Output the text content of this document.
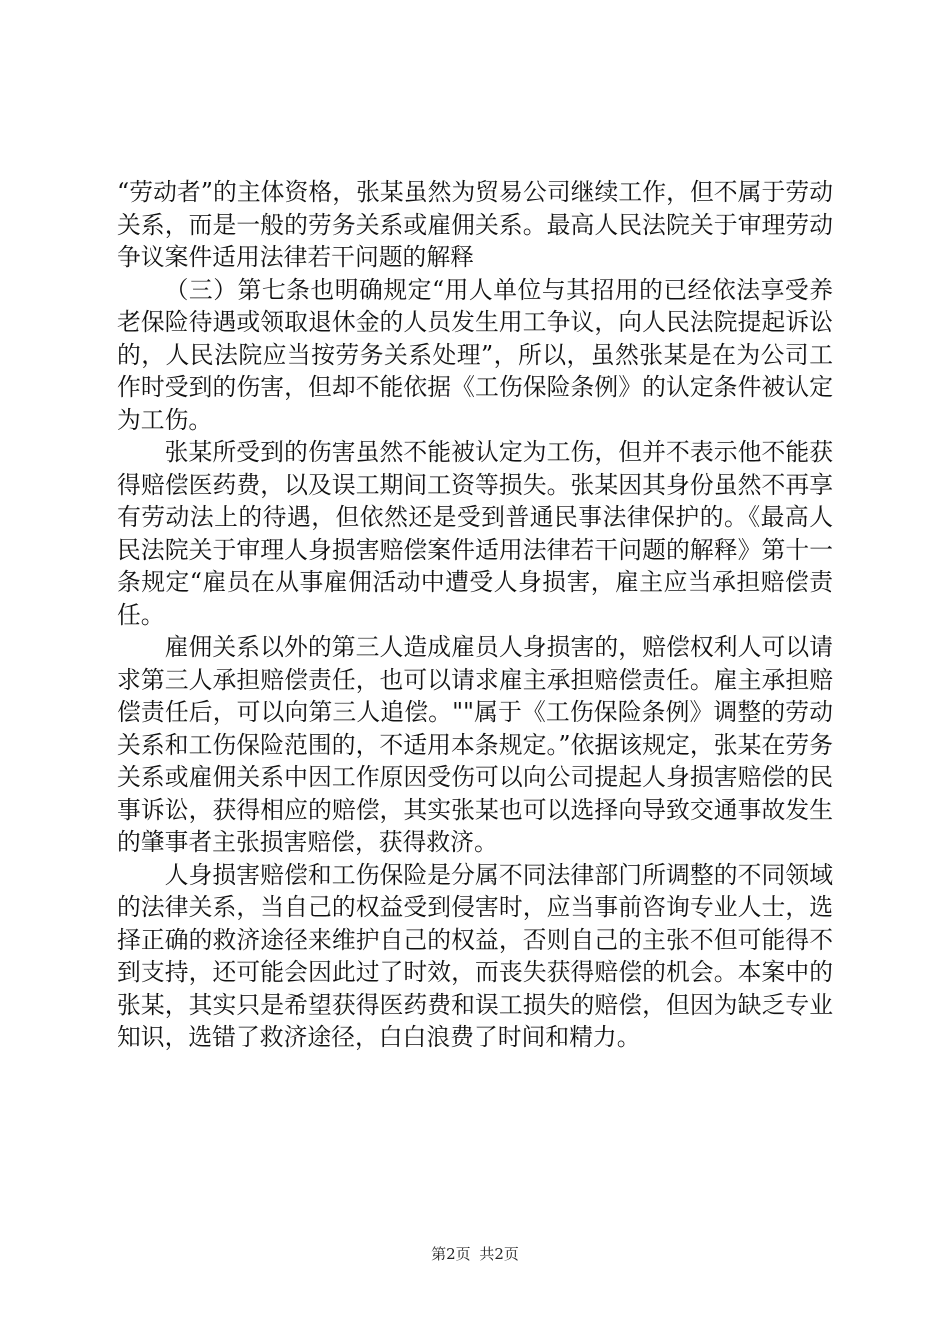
“劳动者”的主体资格，张某虽然为贸易公司继续工作，但不属于劳动关系，而是一般的劳务关系或雇佣关系。最高人民法院关于审理劳动争议案件适用法律若干问题的解释

（三）第七条也明确规定“用人单位与其招用的已经依法享受养老保险待遇或领取退休金的人员发生用工争议，向人民法院提起诉讼的，人民法院应当按劳务关系处理”，所以，虽然张某是在为公司工作时受到的伤害，但却不能依据《工伤保险条例》的认定条件被认定为工伤。

张某所受到的伤害虽然不能被认定为工伤，但并不表示他不能获得赔偿医药费，以及误工期间工资等损失。张某因其身份虽然不再享有劳动法上的待遇，但依然还是受到普通民事法律保护的。《最高人民法院关于审理人身损害赔偿案件适用法律若干问题的解释》第十一条规定“雇员在从事雇佣活动中遭受人身损害，雇主应当承担赔偿责任。

雇佣关系以外的第三人造成雇员人身损害的，赔偿权利人可以请求第三人承担赔偿责任，也可以请求雇主承担赔偿责任。雇主承担赔偿责任后，可以向第三人追偿。""属于《工伤保险条例》调整的劳动关系和工伤保险范围的，不适用本条规定。”依据该规定，张某在劳务关系或雇佣关系中因工作原因受伤可以向公司提起人身损害赔偿的民事诉讼，获得相应的赔偿，其实张某也可以选择向导致交通事故发生的肇事者主张损害赔偿，获得救济。

人身损害赔偿和工伤保险是分属不同法律部门所调整的不同领域的法律关系，当自己的权益受到侵害时，应当事前咨询专业人士，选择正确的救济途径来维护自己的权益，否则自己的主张不但可能得不到支持，还可能会因此过了时效，而丧失获得赔偿的机会。本案中的张某，其实只是希望获得医药费和误工损失的赔偿，但因为缺乏专业知识，选错了救济途径，白白浪费了时间和精力。

第2页 共2页
